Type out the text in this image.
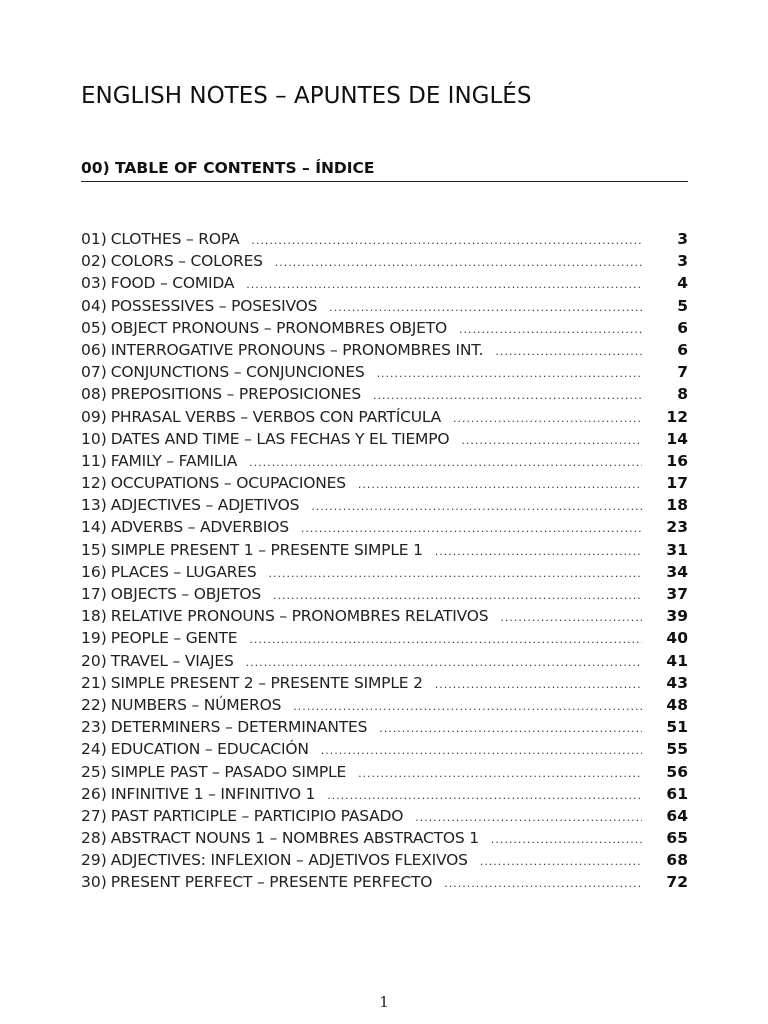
ENGLISH NOTES – APUNTES DE INGLÉS
00) TABLE OF CONTENTS – ÍNDICE
01) CLOTHES – ROPA .....	3
02) COLORS – COLORES .....	3
03) FOOD – COMIDA .....	4
04) POSSESSIVES – POSESIVOS .....	5
05) OBJECT PRONOUNS – PRONOMBRES OBJETO .....	6
06) INTERROGATIVE PRONOUNS – PRONOMBRES INT. .....	6
07) CONJUNCTIONS – CONJUNCIONES .....	7
08) PREPOSITIONS – PREPOSICIONES .....	8
09) PHRASAL VERBS – VERBOS CON PARTÍCULA .....	12
10) DATES AND TIME – LAS FECHAS Y EL TIEMPO .....	14
11) FAMILY – FAMILIA .....	16
12) OCCUPATIONS – OCUPACIONES .....	17
13) ADJECTIVES – ADJETIVOS .....	18
14) ADVERBS – ADVERBIOS .....	23
15) SIMPLE PRESENT 1 – PRESENTE SIMPLE 1 .....	31
16) PLACES – LUGARES .....	34
17) OBJECTS – OBJETOS .....	37
18) RELATIVE PRONOUNS – PRONOMBRES RELATIVOS .....	39
19) PEOPLE – GENTE .....	40
20) TRAVEL – VIAJES .....	41
21) SIMPLE PRESENT 2 – PRESENTE SIMPLE 2 .....	43
22) NUMBERS – NÚMEROS .....	48
23) DETERMINERS – DETERMINANTES .....	51
24) EDUCATION – EDUCACIÓN .....	55
25) SIMPLE PAST – PASADO SIMPLE .....	56
26) INFINITIVE 1 – INFINITIVO 1 .....	61
27) PAST PARTICIPLE – PARTICIPIO PASADO .....	64
28) ABSTRACT NOUNS 1 – NOMBRES ABSTRACTOS 1 .....	65
29) ADJECTIVES: INFLEXION – ADJETIVOS FLEXIVOS .....	68
30) PRESENT PERFECT – PRESENTE PERFECTO .....	72
1
